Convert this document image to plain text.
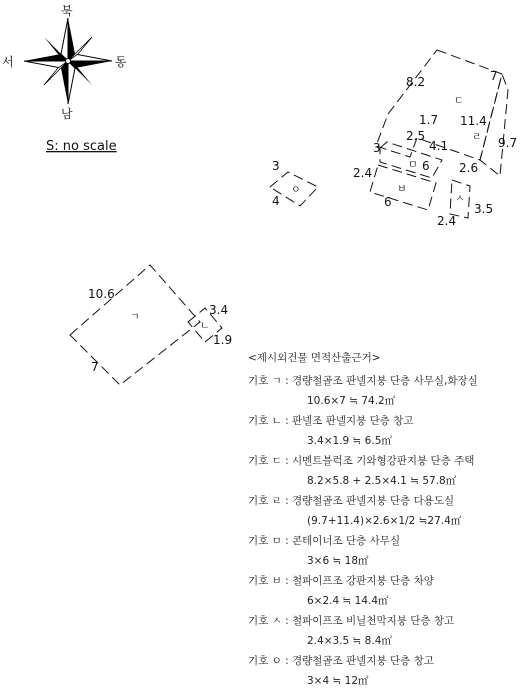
북
남
서	동
S: no scale
ㄱ
10.6
7
ㄴ
3.4
1.9
ㄷ
8.2	7
1.7
2.5
4.1
ㄹ
11.4
9.7
2.6
ㅁ
3
6
ㅂ
2.4
6	ㅅ
3.5
2.4
ㅇ
3
4
<제시외건물 면적산출근거>
기호 ㄱ : 경량철골조 판넬지붕 단층 사무실,화장실
10.6×7 ≒ 74.2㎡
기호 ㄴ : 판넬조 판넬지붕 단층 창고
3.4×1.9 ≒ 6.5㎡
기호 ㄷ : 시멘트블럭조 기와형강판지붕 단층 주택
8.2×5.8 + 2.5×4.1 ≒ 57.8㎡
기호 ㄹ : 경량철골조 판넬지붕 단층 다용도실
(9.7+11.4)×2.6×1/2 ≒27.4㎡
기호 ㅁ : 콘테이너조 단층 사무실
3×6 ≒ 18㎡
기호 ㅂ : 철파이프조 강판지붕 단층 차양
6×2.4 ≒ 14.4㎡
기호 ㅅ : 철파이프조 비닐천막지붕 단층 창고
2.4×3.5 ≒ 8.4㎡
기호 ㅇ : 경량철골조 판넬지붕 단층 창고
3×4 ≒ 12㎡
